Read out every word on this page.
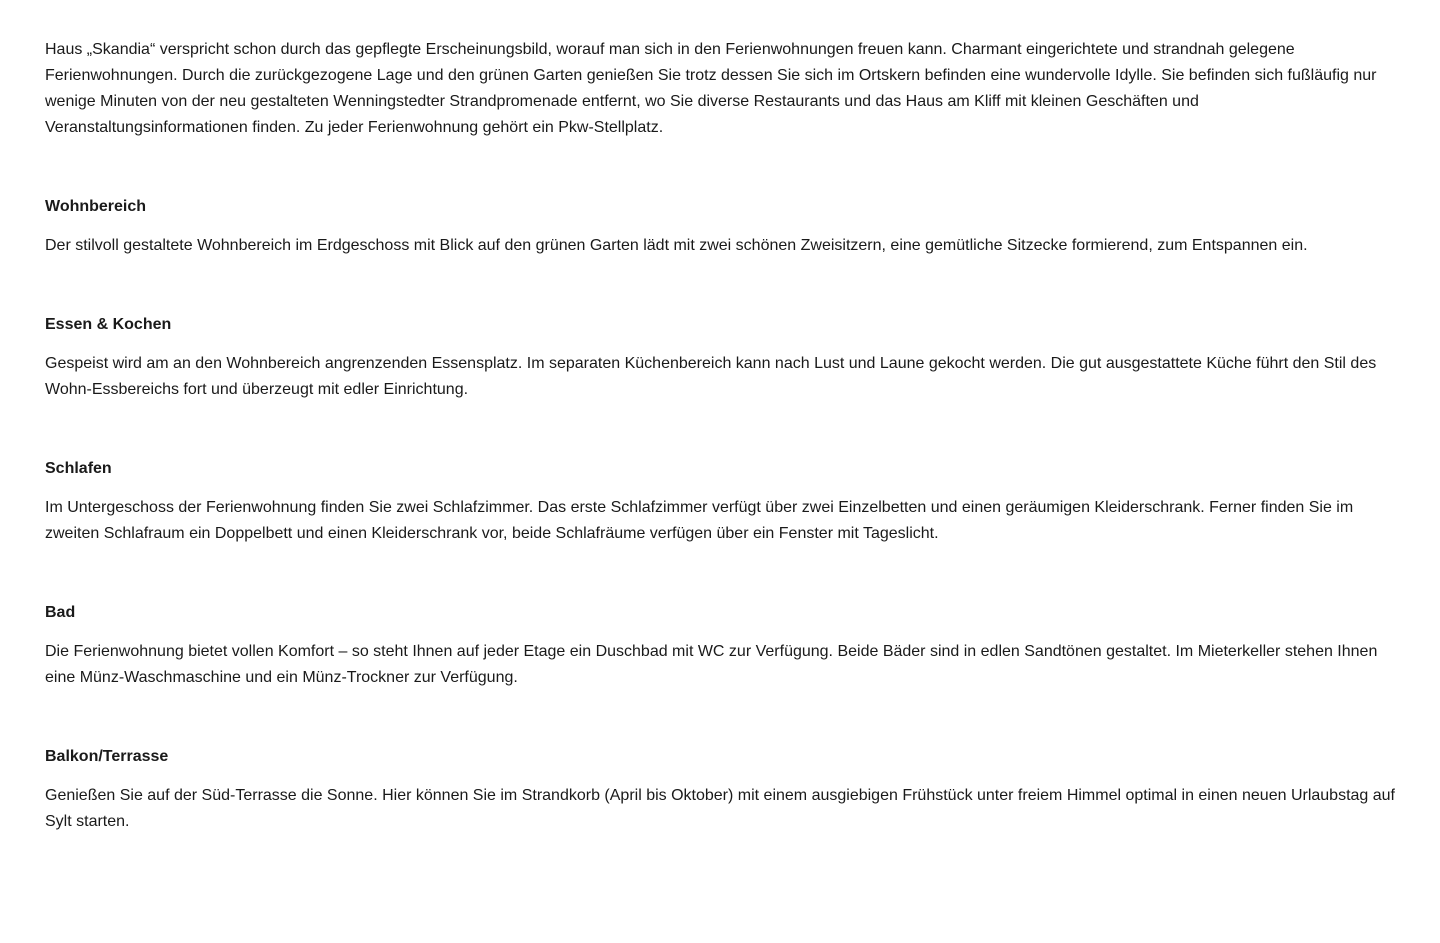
Haus „Skandia“ verspricht schon durch das gepflegte Erscheinungsbild, worauf man sich in den Ferienwohnungen freuen kann. Charmant eingerichtete und strandnah gelegene Ferienwohnungen. Durch die zurückgezogene Lage und den grünen Garten genießen Sie trotz dessen Sie sich im Ortskern befinden eine wundervolle Idylle. Sie befinden sich fußläufig nur wenige Minuten von der neu gestalteten Wenningstedter Strandpromenade entfernt, wo Sie diverse Restaurants und das Haus am Kliff mit kleinen Geschäften und Veranstaltungsinformationen finden. Zu jeder Ferienwohnung gehört ein Pkw-Stellplatz.

Wohnbereich

Der stilvoll gestaltete Wohnbereich im Erdgeschoss mit Blick auf den grünen Garten lädt mit zwei schönen Zweisitzern, eine gemütliche Sitzecke formierend, zum Entspannen ein.

Essen & Kochen

Gespeist wird am an den Wohnbereich angrenzenden Essensplatz. Im separaten Küchenbereich kann nach Lust und Laune gekocht werden. Die gut ausgestattete Küche führt den Stil des Wohn-Essbereichs fort und überzeugt mit edler Einrichtung.

Schlafen

Im Untergeschoss der Ferienwohnung finden Sie zwei Schlafzimmer. Das erste Schlafzimmer verfügt über zwei Einzelbetten und einen geräumigen Kleiderschrank. Ferner finden Sie im zweiten Schlafraum ein Doppelbett und einen Kleiderschrank vor, beide Schlafräume verfügen über ein Fenster mit Tageslicht.

Bad

Die Ferienwohnung bietet vollen Komfort – so steht Ihnen auf jeder Etage ein Duschbad mit WC zur Verfügung. Beide Bäder sind in edlen Sandtönen gestaltet. Im Mieterkeller stehen Ihnen eine Münz-Waschmaschine und ein Münz-Trockner zur Verfügung.

Balkon/Terrasse

Genießen Sie auf der Süd-Terrasse die Sonne. Hier können Sie im Strandkorb (April bis Oktober) mit einem ausgiebigen Frühstück unter freiem Himmel optimal in einen neuen Urlaubstag auf Sylt starten.
